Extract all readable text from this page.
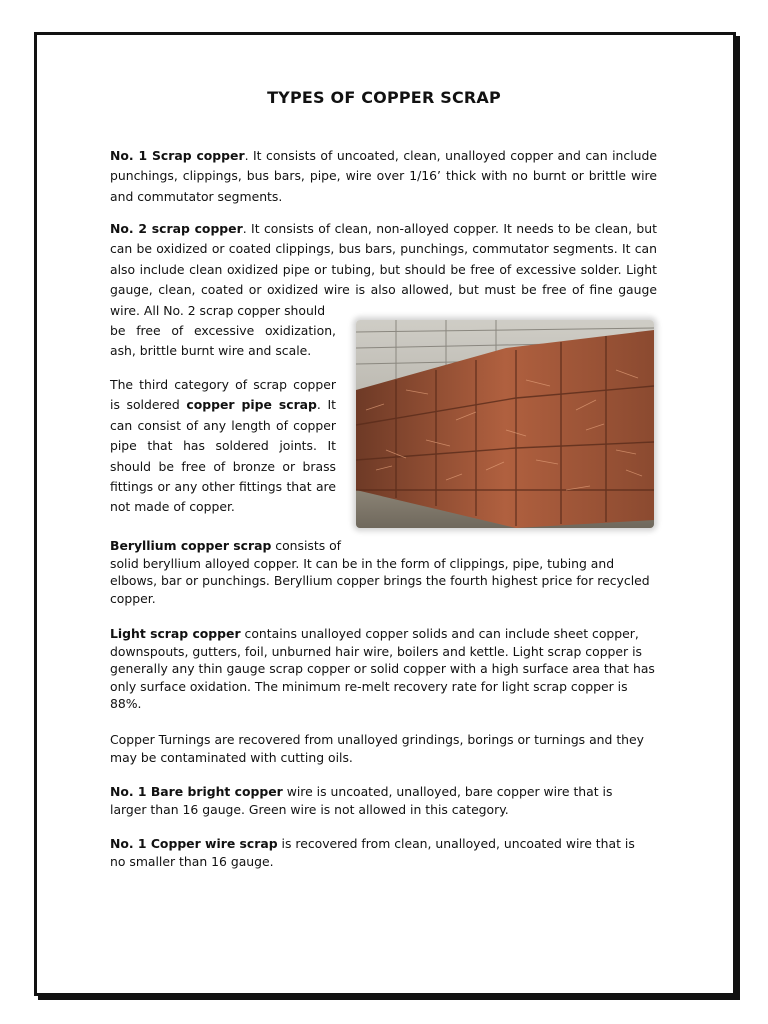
TYPES OF COPPER SCRAP
No. 1 Scrap copper. It consists of uncoated, clean, unalloyed copper and can include punchings, clippings, bus bars, pipe, wire over 1/16’ thick with no burnt or brittle wire and commutator segments.
No. 2 scrap copper. It consists of clean, non-alloyed copper. It needs to be clean, but can be oxidized or coated clippings, bus bars, punchings, commutator segments. It can also include clean oxidized pipe or tubing, but should be free of excessive solder. Light gauge, clean, coated or oxidized wire is also allowed, but must be free of fine gauge wire. All No. 2 scrap copper should
be free of excessive oxidization, ash, brittle burnt wire and scale.
The third category of scrap copper is soldered copper pipe scrap. It can consist of any length of copper pipe that has soldered joints. It should be free of bronze or brass fittings or any other fittings that are not made of copper.
Beryllium copper scrap consists of
solid beryllium alloyed copper. It can be in the form of clippings, pipe, tubing and elbows, bar or punchings. Beryllium copper brings the fourth highest price for recycled copper.
Light scrap copper contains unalloyed copper solids and can include sheet copper, downspouts, gutters, foil, unburned hair wire, boilers and kettle. Light scrap copper is generally any thin gauge scrap copper or solid copper with a high surface area that has only surface oxidation. The minimum re-melt recovery rate for light scrap copper is 88%.
Copper Turnings are recovered from unalloyed grindings, borings or turnings and they may be contaminated with cutting oils.
No. 1 Bare bright copper wire is uncoated, unalloyed, bare copper wire that is larger than 16 gauge. Green wire is not allowed in this category.
No. 1 Copper wire scrap is recovered from clean, unalloyed, uncoated wire that is no smaller than 16 gauge.
